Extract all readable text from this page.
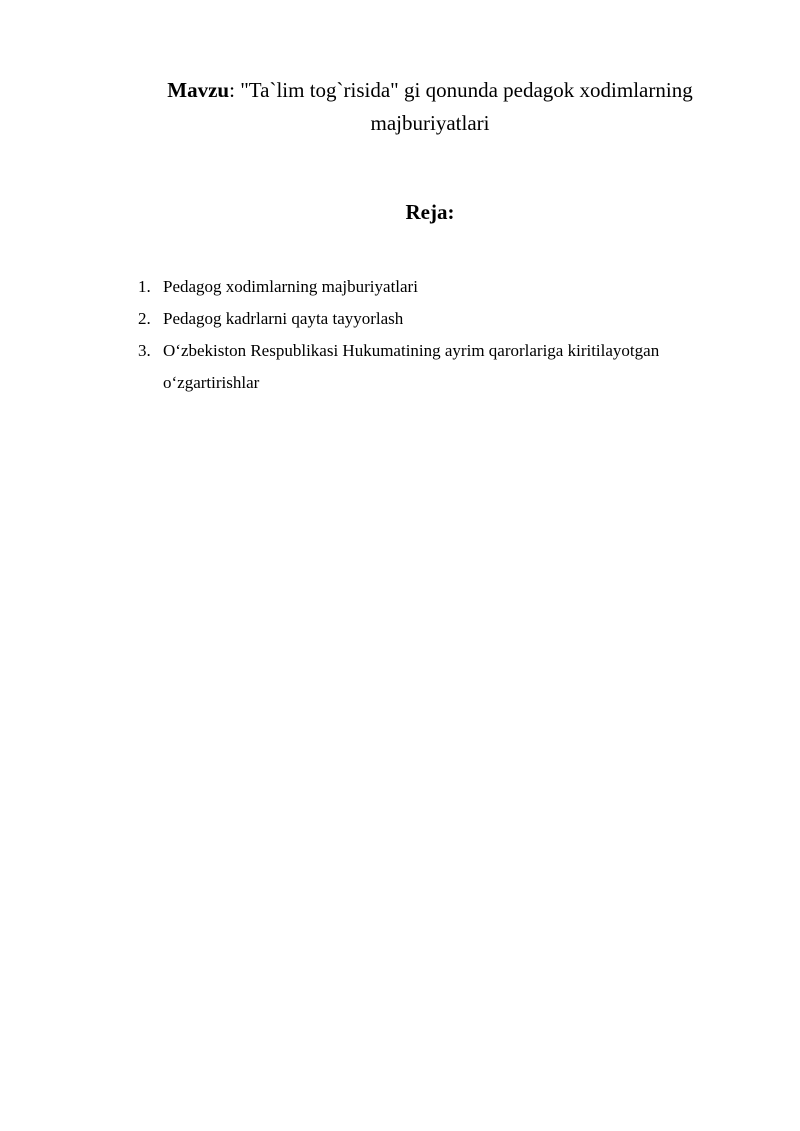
Mavzu: "Ta`lim tog`risida" gi qonunda pedagok xodimlarning
majburiyatlari
Reja:
1. Pedagog xodimlarning majburiyatlari
2. Pedagog kadrlarni qayta tayyorlash
3. O‘zbekiston Respublikasi Hukumatining ayrim qarorlariga kiritilayotgan o‘zgartirishlar
